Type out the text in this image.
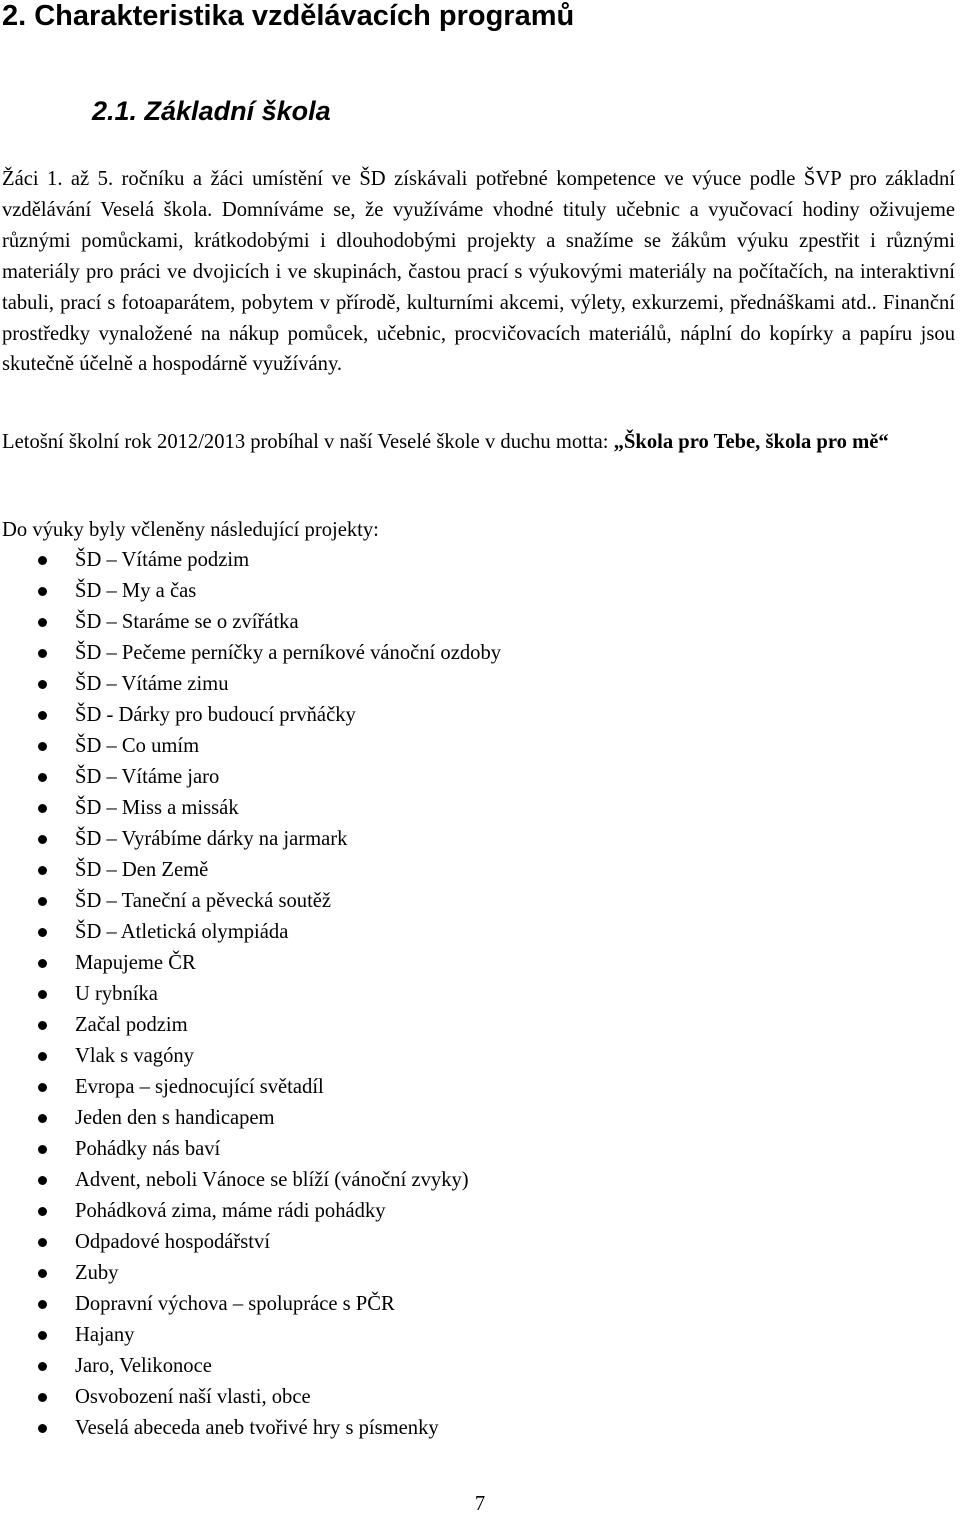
2. Charakteristika vzdělávacích programů
2.1. Základní škola

Žáci 1. až 5. ročníku a žáci umístění ve ŠD získávali potřebné kompetence ve výuce podle ŠVP pro základní vzdělávání Veselá škola. Domníváme se, že využíváme vhodné tituly učebnic a vyučovací hodiny oživujeme různými pomůckami, krátkodobými i dlouhodobými projekty a snažíme se žákům výuku zpestřit i různými materiály pro práci ve dvojicích i ve skupinách, častou prací s výukovými materiály na počítačích, na interaktivní tabuli, prací s fotoaparátem, pobytem v přírodě, kulturními akcemi, výlety, exkurzemi, přednáškami atd.. Finanční prostředky vynaložené na nákup pomůcek, učebnic, procvičovacích materiálů, náplní do kopírky a papíru jsou skutečně účelně a hospodárně využívány.

Letošní školní rok 2012/2013 probíhal v naší Veselé škole v duchu motta: „Škola pro Tebe, škola pro mě“

Do výuky byly včleněny následující projekty:

ŠD – Vítáme podzim
ŠD – My a čas
ŠD – Staráme se o zvířátka
ŠD – Pečeme perníčky a perníkové vánoční ozdoby
ŠD – Vítáme zimu
ŠD - Dárky pro budoucí prvňáčky
ŠD – Co umím
ŠD – Vítáme jaro
ŠD – Miss a missák
ŠD – Vyrábíme dárky na jarmark
ŠD – Den Země
ŠD – Taneční a pěvecká soutěž
ŠD – Atletická olympiáda
Mapujeme ČR
U rybníka
Začal podzim
Vlak s vagóny
Evropa – sjednocující světadíl
Jeden den s handicapem
Pohádky nás baví
Advent, neboli Vánoce se blíží (vánoční zvyky)
Pohádková zima, máme rádi pohádky
Odpadové hospodářství
Zuby
Dopravní výchova – spolupráce s PČR
Hajany
Jaro, Velikonoce
Osvobození naší vlasti, obce
Veselá abeceda aneb tvořivé hry s písmenky

7
